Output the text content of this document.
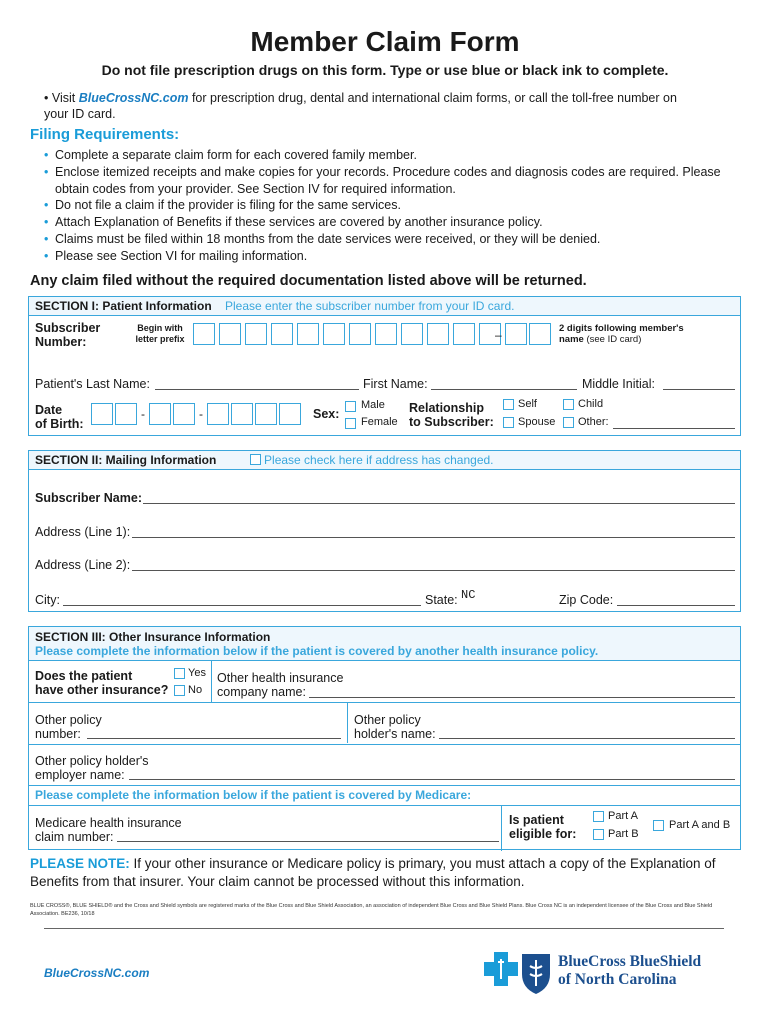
Member Claim Form
Do not file prescription drugs on this form. Type or use blue or black ink to complete.
• Visit BlueCrossNC.com for prescription drug, dental and international claim forms, or call the toll-free number on your ID card.
Filing Requirements:
• Complete a separate claim form for each covered family member.
• Enclose itemized receipts and make copies for your records. Procedure codes and diagnosis codes are required. Please obtain codes from your provider. See Section IV for required information.
• Do not file a claim if the provider is filing for the same services.
• Attach Explanation of Benefits if these services are covered by another insurance policy.
• Claims must be filed within 18 months from the date services were received, or they will be denied.
• Please see Section VI for mailing information.
Any claim filed without the required documentation listed above will be returned.
SECTION I: Patient Information Please enter the subscriber number from your ID card.
Subscriber
Number:
Begin with
letter prefix	–	2 digits following member's
name (see ID card)
Patient's Last Name:	First Name:	Middle Initial:
Date
of Birth:
-	-	Sex:
Male
Female
Relationship
to Subscriber:
Self
Spouse
Child
Other:
SECTION II: Mailing Information	Please check here if address has changed.
Subscriber Name:
Address (Line 1):
Address (Line 2):
City:	State: NC	Zip Code:
SECTION III: Other Insurance Information
Please complete the information below if the patient is covered by another health insurance policy.
Does the patient
have other insurance?
Yes
No
Other health insurance
company name:
Other policy
number:
Other policy
holder's name:
Other policy holder's
employer name:
Please complete the information below if the patient is covered by Medicare:
Medicare health insurance
claim number:
Is patient
eligible for:
Part A
Part B
Part A and B
PLEASE NOTE: If your other insurance or Medicare policy is primary, you must attach a copy of the Explanation of Benefits from that insurer. Your claim cannot be processed without this information.
BLUE CROSS®, BLUE SHIELD® and the Cross and Shield symbols are registered marks of the Blue Cross and Blue Shield Association, an association of independent Blue Cross and Blue Shield Plans. Blue Cross NC is an independent licensee of the Blue Cross and Blue Shield Association. BE236, 10/18
BlueCrossNC.com
BlueCross BlueShield
of North Carolina
